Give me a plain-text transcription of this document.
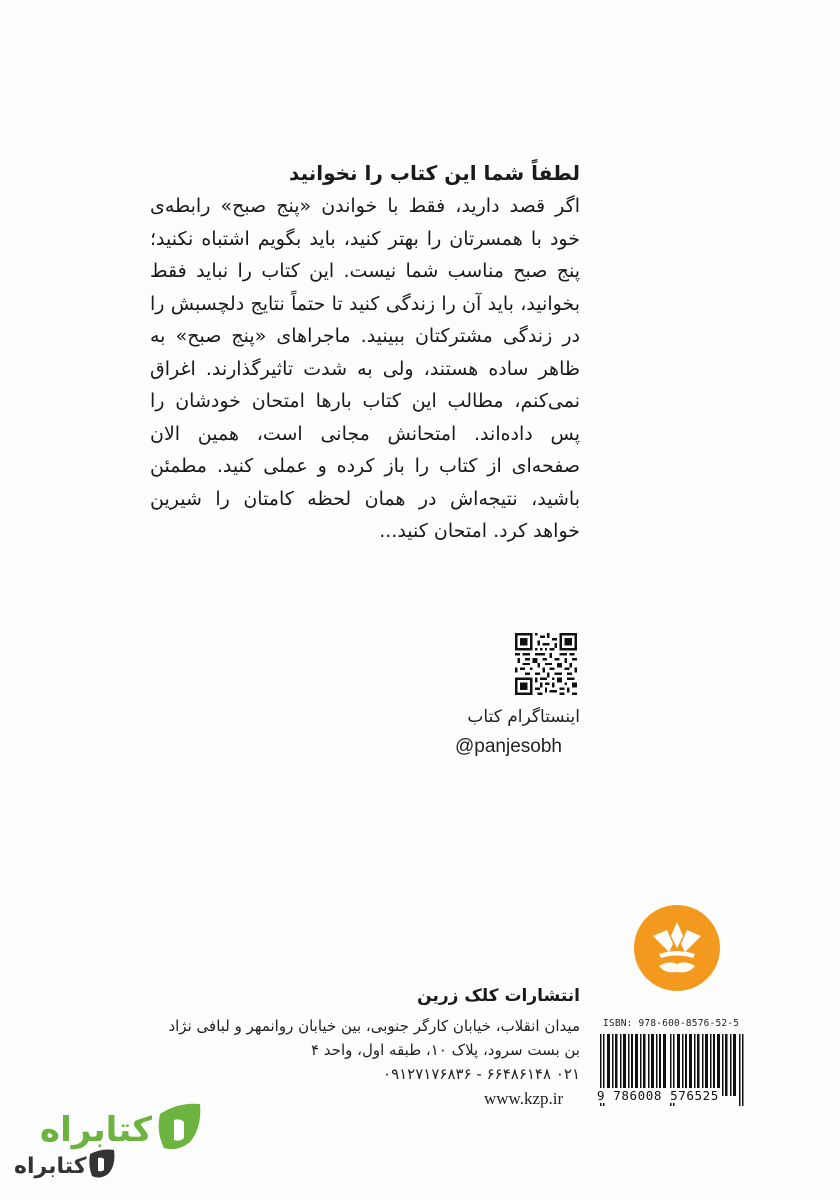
لطفاً شما این کتاب را نخوانید

اگر قصد دارید، فقط با خواندن «پنج صبح» رابطه‌ی خود با همسرتان را بهتر کنید، باید بگویم اشتباه نکنید؛ پنج صبح مناسب شما نیست. این کتاب را نباید فقط بخوانید، باید آن را زندگی کنید تا حتماً نتایج دلچسبش را در زندگی مشترکتان ببینید. ماجراهای «پنج صبح» به ظاهر ساده هستند، ولی به شدت تاثیرگذارند. اغراق نمی‌کنم، مطالب این کتاب بارها امتحان خودشان را پس داده‌اند. امتحانش مجانی است، همین الان صفحه‌ای از کتاب را باز کرده و عملی کنید. مطمئن باشید، نتیجه‌اش در همان لحظه کامتان را شیرین خواهد کرد. امتحان کنید...

اینستاگرام کتاب
@panjesobh
انتشارات کلک زرین
میدان انقلاب، خیابان کارگر جنوبی، بین خیابان روانمهر و لبافی نژاد
بن بست سرود، پلاک ۱۰، طبقه اول، واحد ۴
۰۲۱ ۶۶۴۸۶۱۴۸ - ۰۹۱۲۷۱۷۶۸۳۶
www.kzp.ir
ISBN: 978-600-8576-52-5
9 786008 576525
کتابراه
کتابراه
